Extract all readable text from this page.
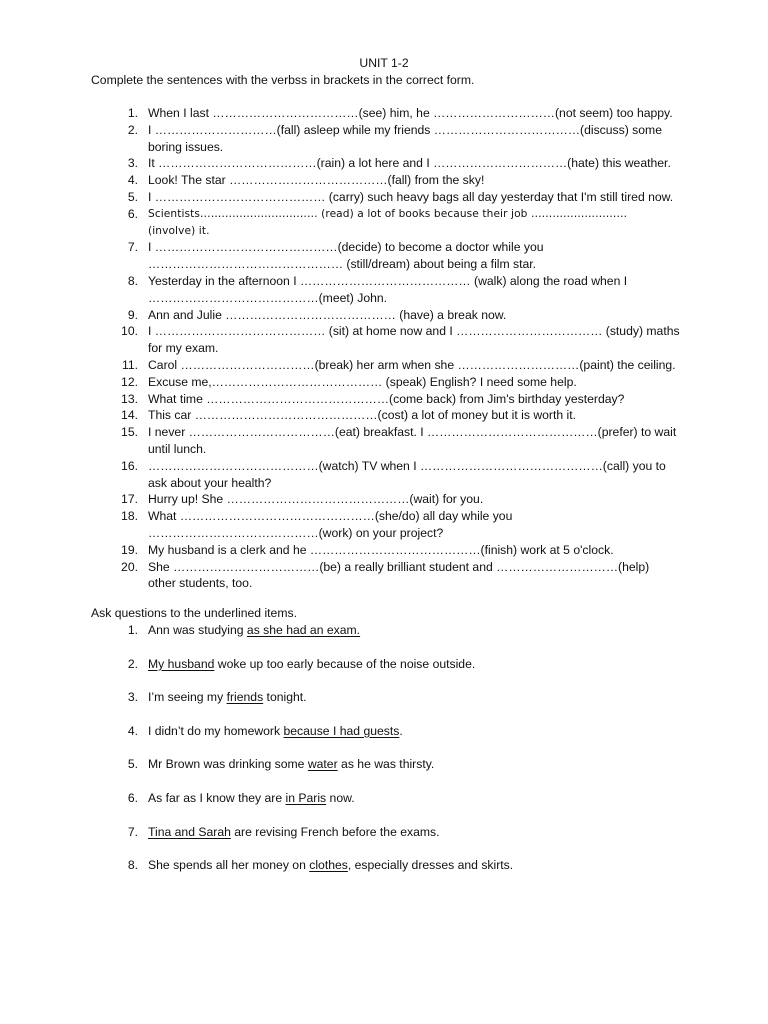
UNIT 1-2
Complete the sentences with the verbss in brackets in the correct form.
1. When I last ………………………………(see) him, he …………………………(not seem) too happy.
2. I …………………………(fall) asleep while my friends ………………………………(discuss) some
boring issues.
3. It …………………………………(rain) a lot here and I ……………………………(hate) this weather.
4. Look! The star …………………………………(fall) from the sky!
5. I …………………………………… (carry) such heavy bags all day yesterday that I'm still tired now.
6. Scientists…………………………… (read) a lot of books because their job ………………………
(involve) it.
7. I ………………………………………(decide) to become a doctor while you
………………………………………… (still/dream) about being a film star.
8. Yesterday in the afternoon I …………………………………… (walk) along the road when I
……………………………………(meet) John.
9. Ann and Julie …………………………………… (have) a break now.
10. I …………………………………… (sit) at home now and I ……………………………… (study) maths
for my exam.
11. Carol ……………………………(break) her arm when she …………………………(paint) the ceiling.
12. Excuse me,…………………………………… (speak) English? I need some help.
13. What time ………………………………………(come back) from Jim's birthday yesterday?
14. This car ………………………………………(cost) a lot of money but it is worth it.
15. I never ………………………………(eat) breakfast. I ……………………………………(prefer) to wait
until lunch.
16. ……………………………………(watch) TV when I ………………………………………(call) you to
ask about your health?
17. Hurry up! She ………………………………………(wait) for you.
18. What …………………………………………(she/do) all day while you
……………………………………(work) on your project?
19. My husband is a clerk and he ……………………………………(finish) work at 5 o'clock.
20. She ………………………………(be) a really brilliant student and …………………………(help)
other students, too.
Ask questions to the underlined items.
1. Ann was studying as she had an exam.
2. My husband woke up too early because of the noise outside.
3. I’m seeing my friends tonight.
4. I didn’t do my homework because I had guests.
5. Mr Brown was drinking some water as he was thirsty.
6. As far as I know they are in Paris now.
7. Tina and Sarah are revising French before the exams.
8. She spends all her money on clothes, especially dresses and skirts.
